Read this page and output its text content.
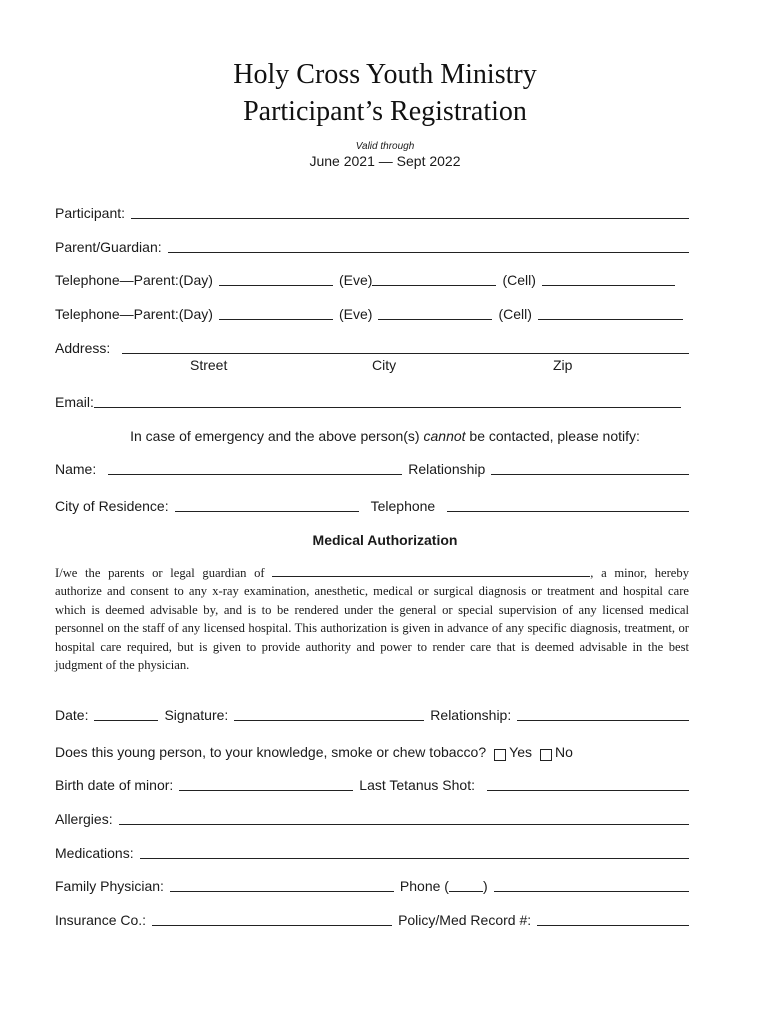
Holy Cross Youth Ministry
Participant’s Registration
Valid through
June 2021 — Sept 2022
Participant:
Parent/Guardian:
Telephone—Parent:(Day)	(Eve)	(Cell)
Telephone—Parent:(Day)	(Eve)	(Cell)
Address:
Street	City	Zip
Email:
In case of emergency and the above person(s) cannot be contacted, please notify:
Name:	Relationship
City of Residence:	Telephone
Medical Authorization
I/we the parents or legal guardian of	, a minor, hereby authorize and consent to any x-ray examination, anesthetic, medical or surgical diagnosis or treatment and hospital care which is deemed advisable by, and is to be rendered under the general or special supervision of any licensed medical personnel on the staff of any licensed hospital. This authorization is given in advance of any specific diagnosis, treatment, or hospital care required, but is given to provide authority and power to render care that is deemed advisable in the best judgment of the physician.
Date:	Signature:	Relationship:
Does this young person, to your knowledge, smoke or chew tobacco? Yes No
Birth date of minor:	Last Tetanus Shot:
Allergies:
Medications:
Family Physician:	Phone ( )
Insurance Co.:	Policy/Med Record #:
